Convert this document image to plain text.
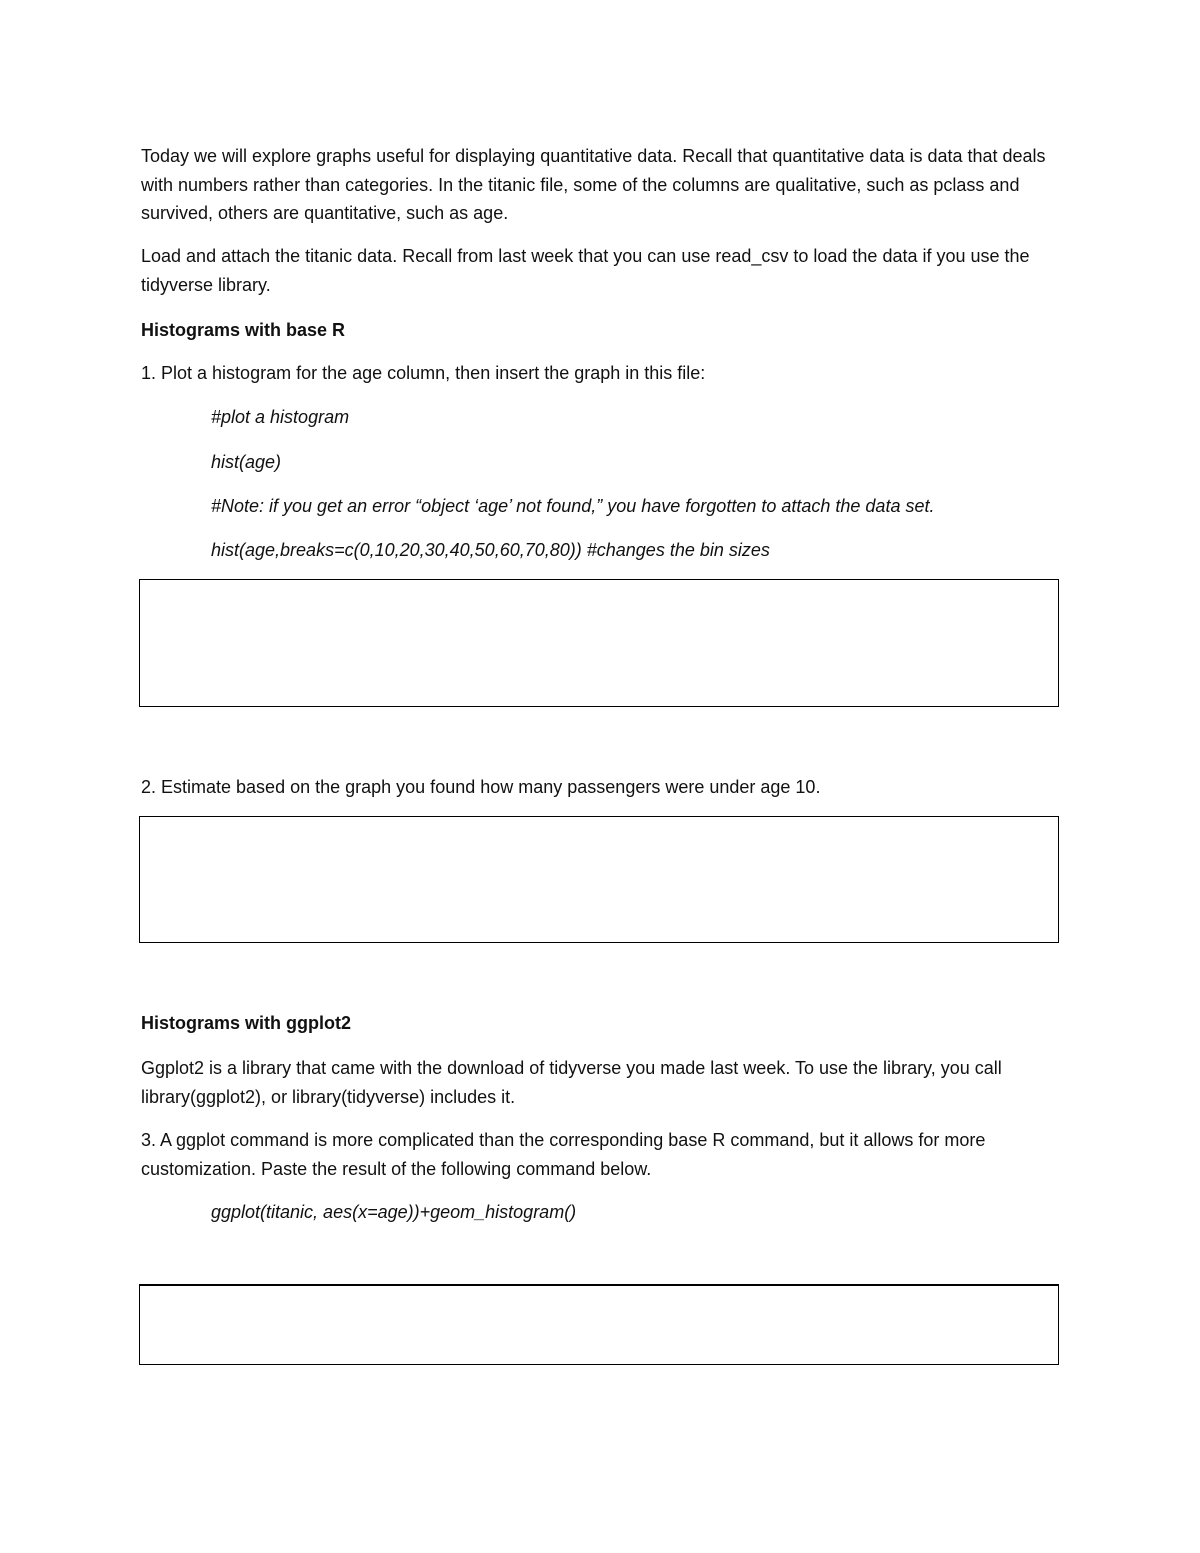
Today we will explore graphs useful for displaying quantitative data. Recall that quantitative data is data that deals with numbers rather than categories. In the titanic file, some of the columns are qualitative, such as pclass and survived, others are quantitative, such as age.

Load and attach the titanic data. Recall from last week that you can use read_csv to load the data if you use the tidyverse library.

Histograms with base R

1. Plot a histogram for the age column, then insert the graph in this file:

#plot a histogram

hist(age)

#Note: if you get an error “object ‘age’ not found,” you have forgotten to attach the data set.

hist(age,breaks=c(0,10,20,30,40,50,60,70,80)) #changes the bin sizes

2. Estimate based on the graph you found how many passengers were under age 10.

Histograms with ggplot2

Ggplot2 is a library that came with the download of tidyverse you made last week. To use the library, you call library(ggplot2), or library(tidyverse) includes it.

3. A ggplot command is more complicated than the corresponding base R command, but it allows for more customization. Paste the result of the following command below.

ggplot(titanic, aes(x=age))+geom_histogram()
